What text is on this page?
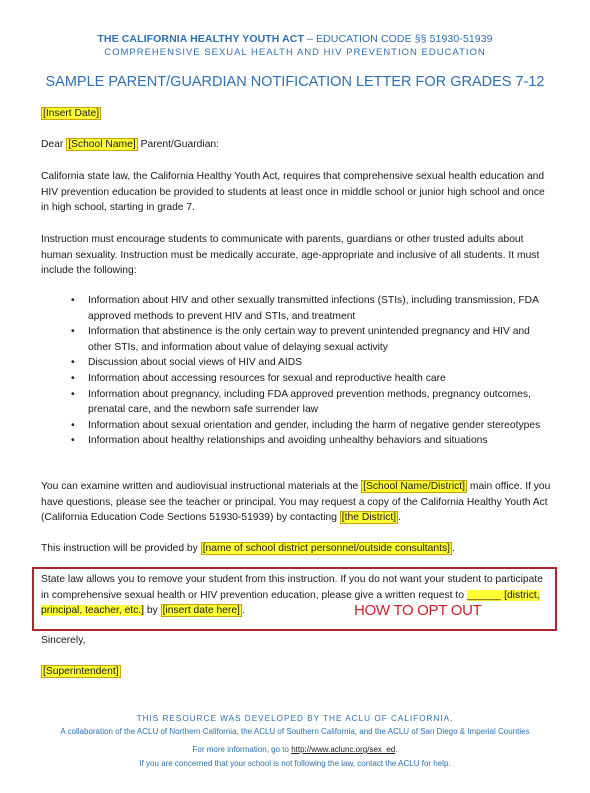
THE CALIFORNIA HEALTHY YOUTH ACT – EDUCATION CODE §§ 51930-51939
COMPREHENSIVE SEXUAL HEALTH AND HIV PREVENTION EDUCATION
SAMPLE PARENT/GUARDIAN NOTIFICATION LETTER FOR GRADES 7-12
[Insert Date]
Dear [School Name] Parent/Guardian:
California state law, the California Healthy Youth Act, requires that comprehensive sexual health education and HIV prevention education be provided to students at least once in middle school or junior high school and once in high school, starting in grade 7.
Instruction must encourage students to communicate with parents, guardians or other trusted adults about human sexuality. Instruction must be medically accurate, age-appropriate and inclusive of all students. It must include the following:
• Information about HIV and other sexually transmitted infections (STIs), including transmission, FDA approved methods to prevent HIV and STIs, and treatment
• Information that abstinence is the only certain way to prevent unintended pregnancy and HIV and other STIs, and information about value of delaying sexual activity
• Discussion about social views of HIV and AIDS
• Information about accessing resources for sexual and reproductive health care
• Information about pregnancy, including FDA approved prevention methods, pregnancy outcomes, prenatal care, and the newborn safe surrender law
• Information about sexual orientation and gender, including the harm of negative gender stereotypes
• Information about healthy relationships and avoiding unhealthy behaviors and situations
You can examine written and audiovisual instructional materials at the [School Name/District] main office. If you have questions, please see the teacher or principal. You may request a copy of the California Healthy Youth Act (California Education Code Sections 51930-51939) by contacting [the District] .
This instruction will be provided by [name of school district personnel/outside consultants] .
State law allows you to remove your student from this instruction. If you do not want your student to participate in comprehensive sexual health or HIV prevention education, please give a written request to ______ [district, principal, teacher, etc.] by [insert date here] .	HOW TO OPT OUT
Sincerely,
[Superintendent]
THIS RESOURCE WAS DEVELOPED BY THE ACLU OF CALIFORNIA,
A collaboration of the ACLU of Northern California, the ACLU of Southern California, and the ACLU of San Diego & Imperial Counties
For more information, go to http://www.aclunc.org/sex_ed.
If you are concerned that your school is not following the law, contact the ACLU for help.
